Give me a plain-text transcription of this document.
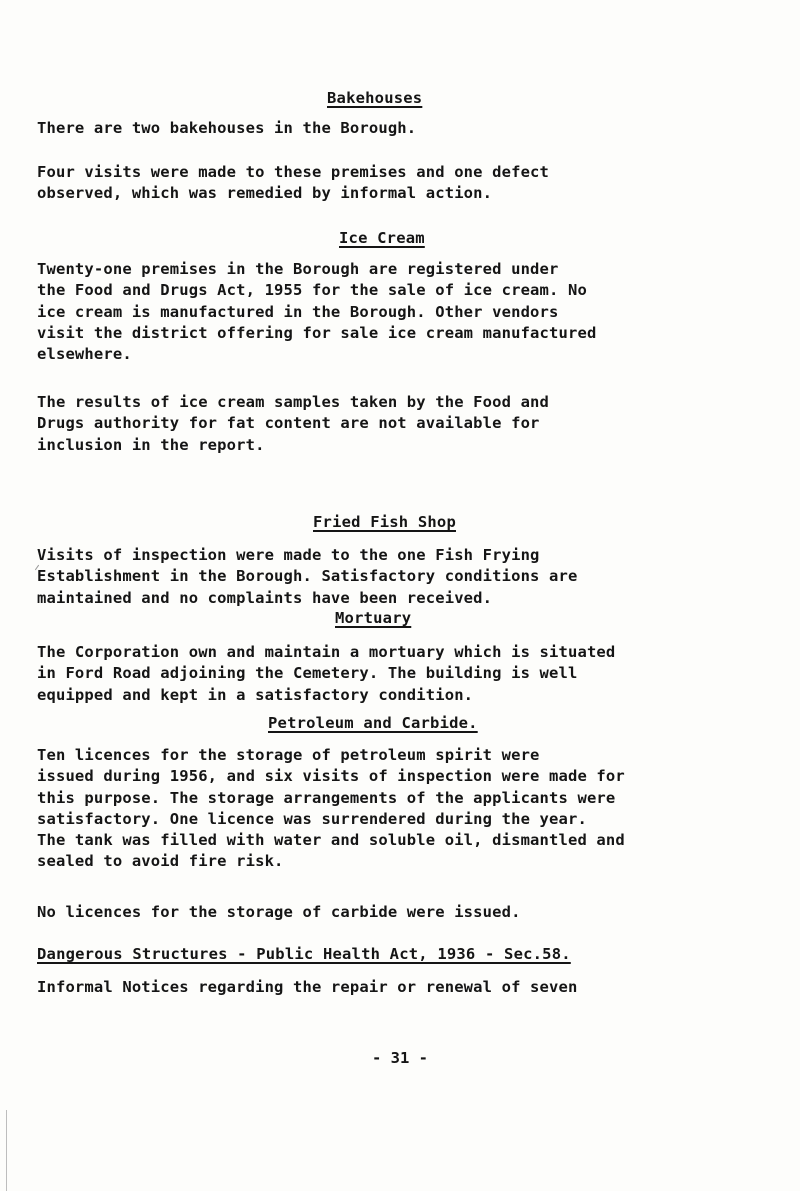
Bakehouses

There are two bakehouses in the Borough.

Four visits were made to these premises and one defect
observed, which was remedied by informal action.

Ice Cream

Twenty-one premises in the Borough are registered under
the Food and Drugs Act, 1955 for the sale of ice cream. No
ice cream is manufactured in the Borough. Other vendors
visit the district offering for sale ice cream manufactured
elsewhere.

The results of ice cream samples taken by the Food and
Drugs authority for fat content are not available for
inclusion in the report.

Fried Fish Shop

Visits of inspection were made to the one Fish Frying
Establishment in the Borough. Satisfactory conditions are
maintained and no complaints have been received.

Mortuary

The Corporation own and maintain a mortuary which is situated
in Ford Road adjoining the Cemetery. The building is well
equipped and kept in a satisfactory condition.

Petroleum and Carbide.

Ten licences for the storage of petroleum spirit were
issued during 1956, and six visits of inspection were made for
this purpose. The storage arrangements of the applicants were
satisfactory. One licence was surrendered during the year.
The tank was filled with water and soluble oil, dismantled and
sealed to avoid fire risk.

No licences for the storage of carbide were issued.

Dangerous Structures - Public Health Act, 1936 - Sec.58.

Informal Notices regarding the repair or renewal of seven

- 31 -
